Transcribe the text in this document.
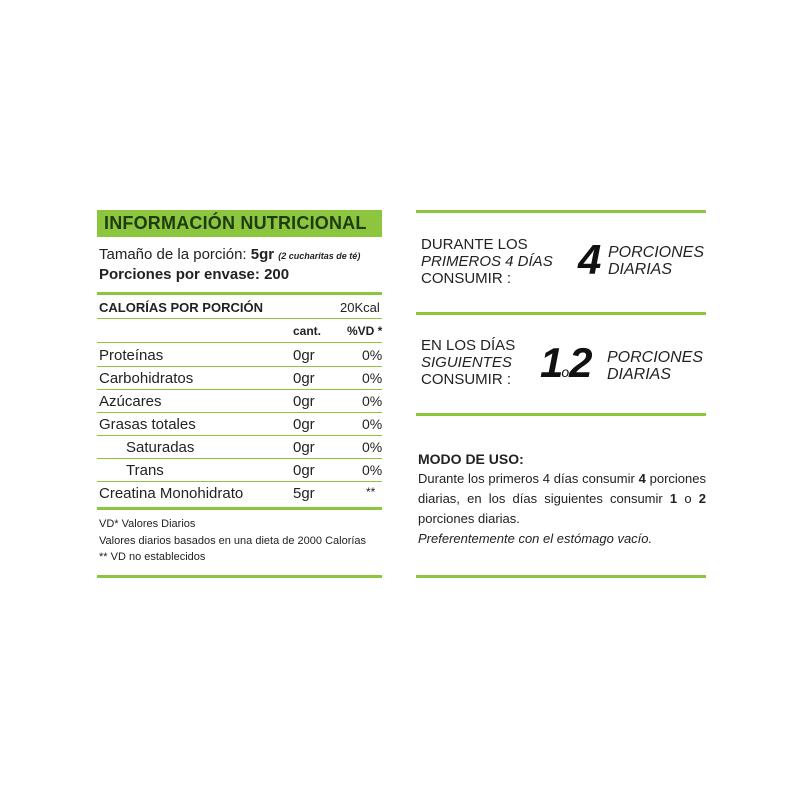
INFORMACIÓN NUTRICIONAL
Tamaño de la porción: 5gr (2 cucharitas de té)
Porciones por envase: 200
CALORÍAS POR PORCIÓN	20Kcal
cant. %VD *
Proteínas	0gr	0%
Carbohidratos	0gr	0%
Azúcares	0gr	0%
Grasas totales	0gr	0%
Saturadas	0gr	0%
Trans	0gr	0%
Creatina Monohidrato	5gr	**
VD* Valores Diarios
Valores diarios basados en una dieta de 2000 Calorías
** VD no establecidos
DURANTE LOS
PRIMEROS 4 DÍAS
CONSUMIR : 4 PORCIONES
DIARIAS
EN LOS DÍAS
SIGUIENTES
CONSUMIR : 1o2 PORCIONES
DIARIAS
MODO DE USO:
Durante los primeros 4 días consumir 4 porciones diarias, en los días siguientes consumir 1 o 2 porciones diarias.
Preferentemente con el estómago vacío.
